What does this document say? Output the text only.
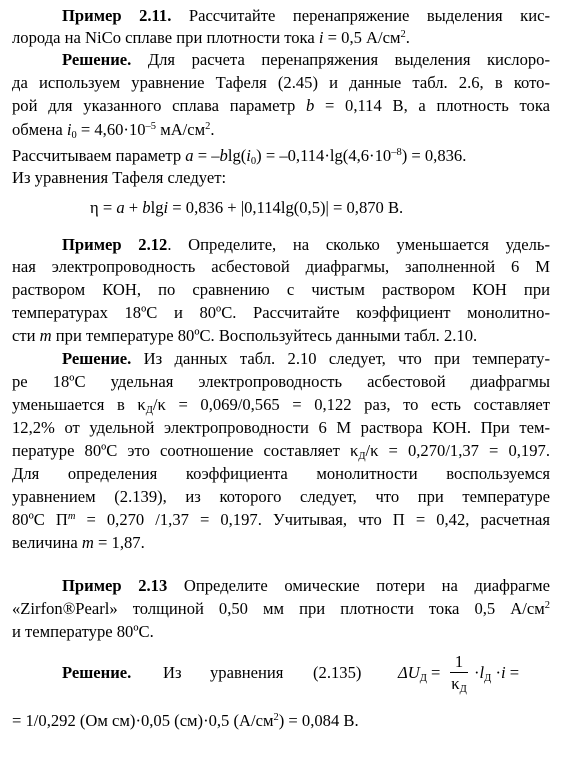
Пример 2.11. Рассчитайте перенапряжение выделения кис-
лорода на NiCo сплаве при плотности тока i = 0,5 $А/см^2$.
Решение. Для расчета перенапряжения выделения кислоро-
да используем уравнение Тафеля (2.45) и данные табл. 2.6, в кото-
рой для указанного сплава параметр b = 0,114 В, а плотность тока
обмена $i_0 = 4,60\cdot 10^{-5}$ $мА/см^2$.
Рассчитываем параметр $a = -blg(i_0) = -0,114\cdot\lg(4,6\cdot 10^{-8}) = 0,836$.
Из уравнения Тафеля следует:
η = a + blgi = 0,836 + |0,114lg(0,5)| = 0,870 В.
Пример 2.12. Определите, на сколько уменьшается удель-
ная электропроводность асбестовой диафрагмы, заполненной 6 М
раствором КОН, по сравнению с чистым раствором КОН при
температурах 18ºС и 80ºС. Рассчитайте коэффициент монолитно-
сти m при температуре 80ºС. Воспользуйтесь данными табл. 2.10.
Решение. Из данных табл. 2.10 следует, что при температу-
ре 18ºС удельная электропроводность асбестовой диафрагмы
уменьшается в $\kappa_Д/\kappa = 0,069/0,565 = 0,122$ раз, то есть составляет
12,2% от удельной электропроводности 6 М раствора КОН. При тем-
пературе 80ºС это соотношение составляет $\kappa_Д/\kappa = 0,270/1,37 = 0,197$.
Для определения коэффициента монолитности воспользуемся
уравнением (2.139), из которого следует, что при температуре
80ºС $П^m = 0,270$ /1,37 = 0,197. Учитывая, что П = 0,42, расчетная
величина m = 1,87.
Пример 2.13 Определите омические потери на диафрагме
«Zirfon®Pearl» толщиной 0,50 мм при плотности тока 0,5 $А/см^2$
и температуре 80ºС.
Решение. Из уравнения (2.135) $\Delta U_Д$ =
1
$\kappa_Д$
$\cdot l_Д \cdot i$ =
= 1/0,292 (Ом см)·0,05 (см)·0,5 $(А/см^2) = 0,084$ В.
